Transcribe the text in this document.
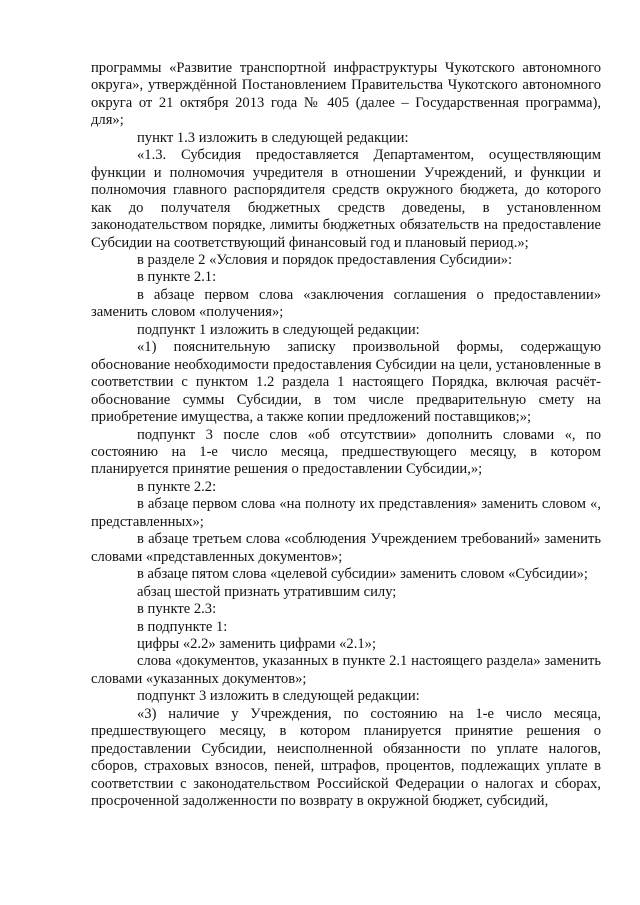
программы «Развитие транспортной инфраструктуры Чукотского автономного округа», утверждённой Постановлением Правительства Чукотского автономного округа от 21 октября 2013 года № 405 (далее – Государственная программа), для»;

пункт 1.3 изложить в следующей редакции:

«1.3. Субсидия предоставляется Департаментом, осуществляющим функции и полномочия учредителя в отношении Учреждений, и функции и полномочия главного распорядителя средств окружного бюджета, до которого как до получателя бюджетных средств доведены, в установленном законодательством порядке, лимиты бюджетных обязательств на предоставление Субсидии на соответствующий финансовый год и плановый период.»;

в разделе 2 «Условия и порядок предоставления Субсидии»:

в пункте 2.1:

в абзаце первом слова «заключения соглашения о предоставлении» заменить словом «получения»;

подпункт 1 изложить в следующей редакции:

«1) пояснительную записку произвольной формы, содержащую обоснование необходимости предоставления Субсидии на цели, установленные в соответствии с пунктом 1.2 раздела 1 настоящего Порядка, включая расчёт-обоснование суммы Субсидии, в том числе предварительную смету на приобретение имущества, а также копии предложений поставщиков;»;

подпункт 3 после слов «об отсутствии» дополнить словами «, по состоянию на 1-е число месяца, предшествующего месяцу, в котором планируется принятие решения о предоставлении Субсидии,»;

в пункте 2.2:

в абзаце первом слова «на полноту их представления» заменить словом «, представленных»;

в абзаце третьем слова «соблюдения Учреждением требований» заменить словами «представленных документов»;

в абзаце пятом слова «целевой субсидии» заменить словом «Субсидии»;

абзац шестой признать утратившим силу;

в пункте 2.3:

в подпункте 1:

цифры «2.2» заменить цифрами «2.1»;

слова «документов, указанных в пункте 2.1 настоящего раздела» заменить словами «указанных документов»;

подпункт 3 изложить в следующей редакции:

«3) наличие у Учреждения, по состоянию на 1-е число месяца, предшествующего месяцу, в котором планируется принятие решения о предоставлении Субсидии, неисполненной обязанности по уплате налогов, сборов, страховых взносов, пеней, штрафов, процентов, подлежащих уплате в соответствии с законодательством Российской Федерации о налогах и сборах, просроченной задолженности по возврату в окружной бюджет, субсидий,
